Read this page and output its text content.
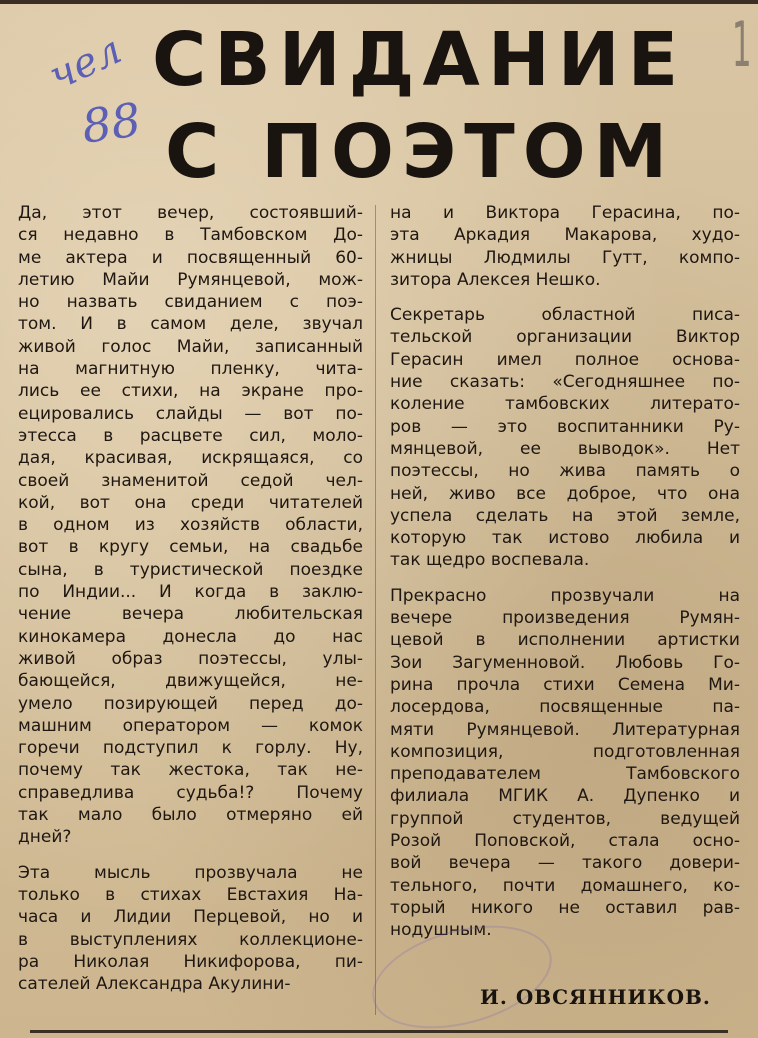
чел
88
1
СВИДАНИЕ
С ПОЭТОМ
Да, этот вечер, состоявший-
ся недавно в Тамбовском До-
ме актера и посвященный 60-
летию Майи Румянцевой, мож-
но назвать свиданием с поэ-
том. И в самом деле, звучал
живой голос Майи, записанный
на магнитную пленку, чита-
лись ее стихи, на экране про-
ецировались слайды — вот по-
этесса в расцвете сил, моло-
дая, красивая, искрящаяся, со
своей знаменитой седой чел-
кой, вот она среди читателей
в одном из хозяйств области,
вот в кругу семьи, на свадьбе
сына, в туристической поездке
по Индии... И когда в заклю-
чение вечера любительская
кинокамера донесла до нас
живой образ поэтессы, улы-
бающейся, движущейся, не-
умело позирующей перед до-
машним оператором — комок
горечи подступил к горлу. Ну,
почему так жестока, так не-
справедлива судьба!? Почему
так мало было отмеряно ей
дней?
Эта мысль прозвучала не
только в стихах Евстахия На-
часа и Лидии Перцевой, но и
в выступлениях коллекционе-
ра Николая Никифорова, пи-
сателей Александра Акулини-
на и Виктора Герасина, по-
эта Аркадия Макарова, худо-
жницы Людмилы Гутт, компо-
зитора Алексея Нешко.
Секретарь областной писа-
тельской организации Виктор
Герасин имел полное основа-
ние сказать: «Сегодняшнее по-
коление тамбовских литерато-
ров — это воспитанники Ру-
мянцевой, ее выводок». Нет
поэтессы, но жива память о
ней, живо все доброе, что она
успела сделать на этой земле,
которую так истово любила и
так щедро воспевала.
Прекрасно прозвучали на
вечере произведения Румян-
цевой в исполнении артистки
Зои Загуменновой. Любовь Го-
рина прочла стихи Семена Ми-
лосердова, посвященные па-
мяти Румянцевой. Литературная
композиция, подготовленная
преподавателем Тамбовского
филиала МГИК А. Дупенко и
группой студентов, ведущей
Розой Поповской, стала осно-
вой вечера — такого довери-
тельного, почти домашнего, ко-
торый никого не оставил рав-
нодушным.
И. ОВСЯННИКОВ.
